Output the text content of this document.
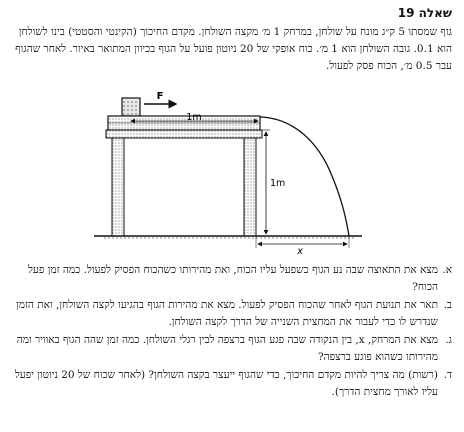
שאלה 19
גוף שמסתו 5 ק״ג מונח על שולחן, במרחק 1 מ׳ מקצה השולחן. מקדם החיכוך (הקינטי והסטטי) בינו לשולחן הוא 0.1. גובה השולחן הוא 1 מ׳. כוח אופקי של 20 ניוטון פועל על הגוף בכיוון המתואר באיור. לאחר שהגוף עבר 0.5 מ׳, הכוח פסק לפעול.
F
1m
1m
x
א.
מצא את התאוצה שבה נע הגוף כשפעל עליו הכוח, ואת מהירותו כשהכוח הפסיק לפעול. כמה זמן פעל הכוח?
ב.
תאר את תנועת הגוף לאחר שהכוח הפסיק לפעול. מצא את מהירות הגוף בהגיעו לקצה השולחן, ואת הזמן שנדרש לו כדי לעבור את המחצית השנייה של הדרך לקצה השולחן.
ג.
מצא את המרחק, x, בין הנקודה שבה פגע הגוף ברצפה לבין רגלי השולחן. כמה זמן שהה הגוף באוויר ומה מהירותו כשהוא פוגע ברצפה?
ד.
(רשות) מה צריך להיות מקדם החיכוך, כדי שהגוף ייעצר בקצה השולחן? (לאחר שכוח של 20 ניוטון יפעל עליו לאורך מחצית הדרך).
